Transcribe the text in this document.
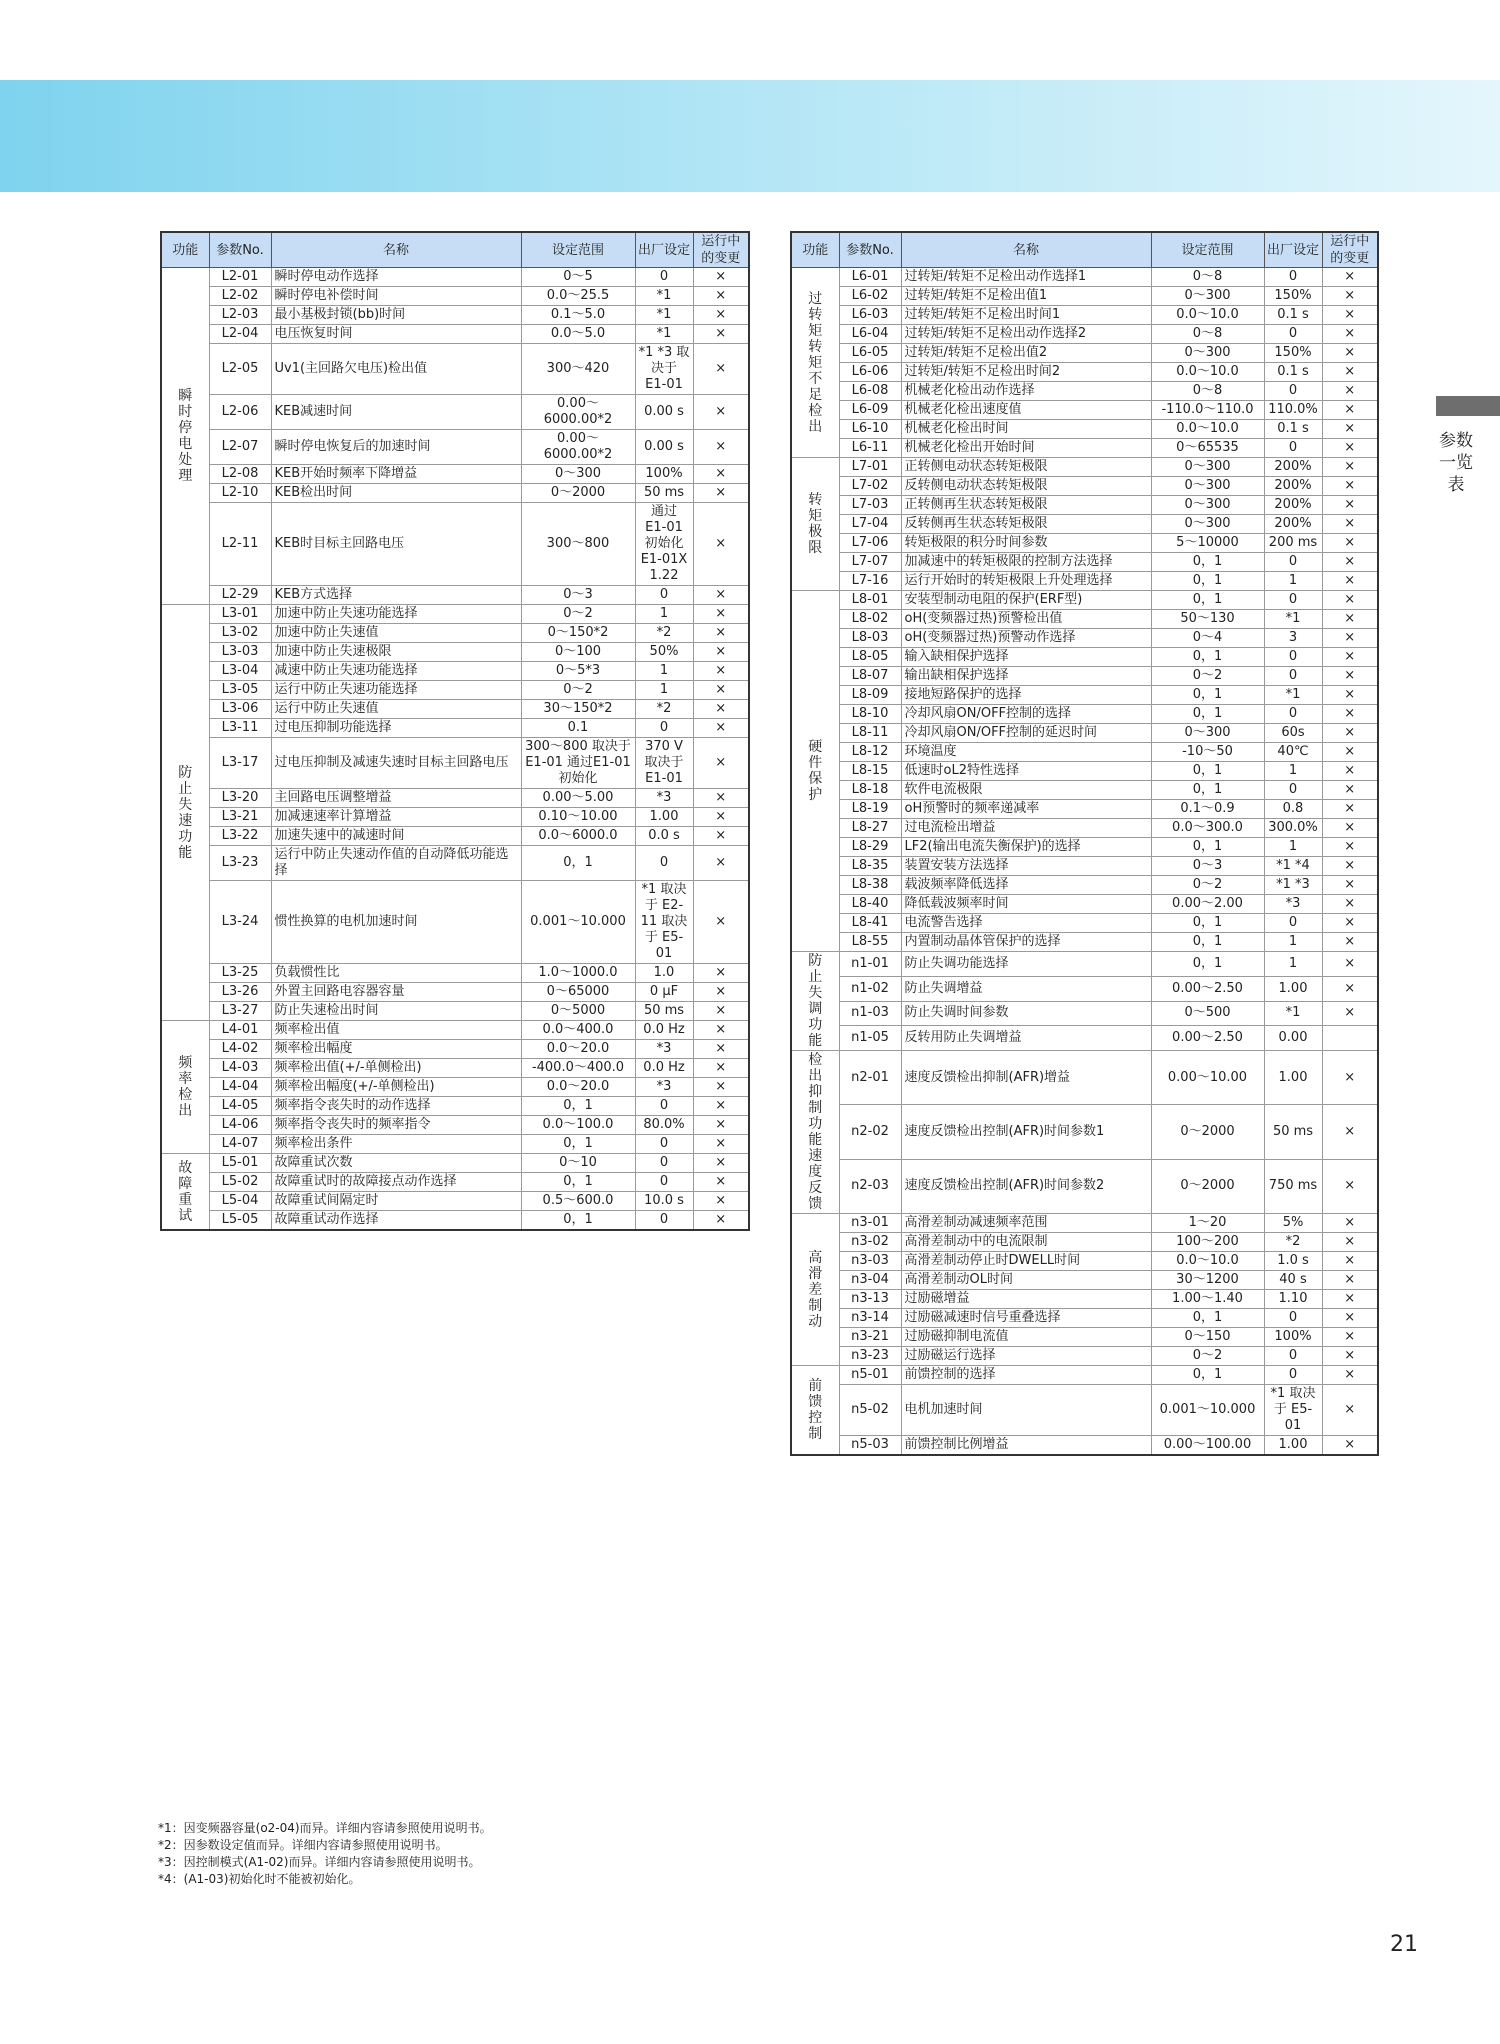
参数一览表
功能	参数No.	名称	设定范围	出厂设定	运行中的变更
瞬时停电处理	L2-01	瞬时停电动作选择	0～5	0	×
	L2-02	瞬时停电补偿时间	0.0～25.5	*1	×
	L2-03	最小基极封锁(bb)时间	0.1～5.0	*1	×
	L2-04	电压恢复时间	0.0～5.0	*1	×
	L2-05	Uv1(主回路欠电压)检出值	300～420	*1 *3 取决于 E1-01	×
	L2-06	KEB减速时间	0.00～6000.00*2	0.00 s	×
	L2-07	瞬时停电恢复后的加速时间	0.00～6000.00*2	0.00 s	×
	L2-08	KEB开始时频率下降增益	0～300	100%	×
	L2-10	KEB检出时间	0～2000	50 ms	×
	L2-11	KEB时目标主回路电压	300～800	通过 E1-01 初始化 E1-01X 1.22	×
	L2-29	KEB方式选择	0～3	0	×
防止失速功能	L3-01	加速中防止失速功能选择	0～2	1	×
	L3-02	加速中防止失速值	0～150*2	*2	×
	L3-03	加速中防止失速极限	0～100	50%	×
	L3-04	减速中防止失速功能选择	0～5*3	1	×
	L3-05	运行中防止失速功能选择	0～2	1	×
	L3-06	运行中防止失速值	30～150*2	*2	×
	L3-11	过电压抑制功能选择	0.1	0	×
	L3-17	过电压抑制及减速失速时目标主回路电压	300～800 取决于E1-01 通过E1-01初始化	370 V 取决于 E1-01	×
	L3-20	主回路电压调整增益	0.00～5.00	*3	×
	L3-21	加减速速率计算增益	0.10～10.00	1.00	×
	L3-22	加速失速中的减速时间	0.0～6000.0	0.0 s	×
	L3-23	运行中防止失速动作值的自动降低功能选择	0，1	0	×
	L3-24	惯性换算的电机加速时间	0.001～10.000	*1 取决于 E2-11 取决于 E5-01	×
	L3-25	负载惯性比	1.0～1000.0	1.0	×
	L3-26	外置主回路电容器容量	0～65000	0 μF	×
	L3-27	防止失速检出时间	0～5000	50 ms	×
频率检出	L4-01	频率检出值	0.0～400.0	0.0 Hz	×
	L4-02	频率检出幅度	0.0～20.0	*3	×
	L4-03	频率检出值(+/-单侧检出)	-400.0～400.0	0.0 Hz	×
	L4-04	频率检出幅度(+/-单侧检出)	0.0～20.0	*3	×
	L4-05	频率指令丧失时的动作选择	0，1	0	×
	L4-06	频率指令丧失时的频率指令	0.0～100.0	80.0%	×
	L4-07	频率检出条件	0，1	0	×
故障重试	L5-01	故障重试次数	0～10	0	×
	L5-02	故障重试时的故障接点动作选择	0，1	0	×
	L5-04	故障重试间隔定时	0.5～600.0	10.0 s	×
	L5-05	故障重试动作选择	0，1	0	×
功能	参数No.	名称	设定范围	出厂设定	运行中的变更
过转矩转矩不足检出	L6-01	过转矩/转矩不足检出动作选择1	0～8	0	×
	L6-02	过转矩/转矩不足检出值1	0～300	150%	×
	L6-03	过转矩/转矩不足检出时间1	0.0～10.0	0.1 s	×
	L6-04	过转矩/转矩不足检出动作选择2	0～8	0	×
	L6-05	过转矩/转矩不足检出值2	0～300	150%	×
	L6-06	过转矩/转矩不足检出时间2	0.0～10.0	0.1 s	×
	L6-08	机械老化检出动作选择	0～8	0	×
	L6-09	机械老化检出速度值	-110.0～110.0	110.0%	×
	L6-10	机械老化检出时间	0.0～10.0	0.1 s	×
	L6-11	机械老化检出开始时间	0～65535	0	×
转矩极限	L7-01	正转侧电动状态转矩极限	0～300	200%	×
	L7-02	反转侧电动状态转矩极限	0～300	200%	×
	L7-03	正转侧再生状态转矩极限	0～300	200%	×
	L7-04	反转侧再生状态转矩极限	0～300	200%	×
	L7-06	转矩极限的积分时间参数	5～10000	200 ms	×
	L7-07	加减速中的转矩极限的控制方法选择	0，1	0	×
	L7-16	运行开始时的转矩极限上升处理选择	0，1	1	×
硬件保护	L8-01	安装型制动电阻的保护(ERF型)	0，1	0	×
	L8-02	oH(变频器过热)预警检出值	50～130	*1	×
	L8-03	oH(变频器过热)预警动作选择	0～4	3	×
	L8-05	输入缺相保护选择	0，1	0	×
	L8-07	输出缺相保护选择	0～2	0	×
	L8-09	接地短路保护的选择	0，1	*1	×
	L8-10	冷却风扇ON/OFF控制的选择	0，1	0	×
	L8-11	冷却风扇ON/OFF控制的延迟时间	0～300	60s	×
	L8-12	环境温度	-10～50	40℃	×
	L8-15	低速时oL2特性选择	0，1	1	×
	L8-18	软件电流极限	0，1	0	×
	L8-19	oH预警时的频率递减率	0.1～0.9	0.8	×
	L8-27	过电流检出增益	0.0～300.0	300.0%	×
	L8-29	LF2(输出电流失衡保护)的选择	0，1	1	×
	L8-35	装置安装方法选择	0～3	*1 *4	×
	L8-38	载波频率降低选择	0～2	*1 *3	×
	L8-40	降低载波频率时间	0.00～2.00	*3	×
	L8-41	电流警告选择	0，1	0	×
	L8-55	内置制动晶体管保护的选择	0，1	1	×
防止失调功能	n1-01	防止失调功能选择	0，1	1	×
	n1-02	防止失调增益	0.00～2.50	1.00	×
	n1-03	防止失调时间参数	0～500	*1	×
	n1-05	反转用防止失调增益	0.00～2.50	0.00	
检出抑制功能 速度反馈	n2-01	速度反馈检出抑制(AFR)增益	0.00～10.00	1.00	×
	n2-02	速度反馈检出控制(AFR)时间参数1	0～2000	50 ms	×
	n2-03	速度反馈检出控制(AFR)时间参数2	0～2000	750 ms	×
高滑差制动	n3-01	高滑差制动减速频率范围	1～20	5%	×
	n3-02	高滑差制动中的电流限制	100～200	*2	×
	n3-03	高滑差制动停止时DWELL时间	0.0～10.0	1.0 s	×
	n3-04	高滑差制动OL时间	30～1200	40 s	×
	n3-13	过励磁增益	1.00～1.40	1.10	×
	n3-14	过励磁减速时信号重叠选择	0，1	0	×
	n3-21	过励磁抑制电流值	0～150	100%	×
	n3-23	过励磁运行选择	0～2	0	×
前馈控制	n5-01	前馈控制的选择	0，1	0	×
	n5-02	电机加速时间	0.001～10.000	*1 取决于 E5-01	×
	n5-03	前馈控制比例增益	0.00～100.00	1.00	×
*1：因变频器容量(o2-04)而异。详细内容请参照使用说明书。
*2：因参数设定值而异。详细内容请参照使用说明书。
*3：因控制模式(A1-02)而异。详细内容请参照使用说明书。
*4：(A1-03)初始化时不能被初始化。
21
